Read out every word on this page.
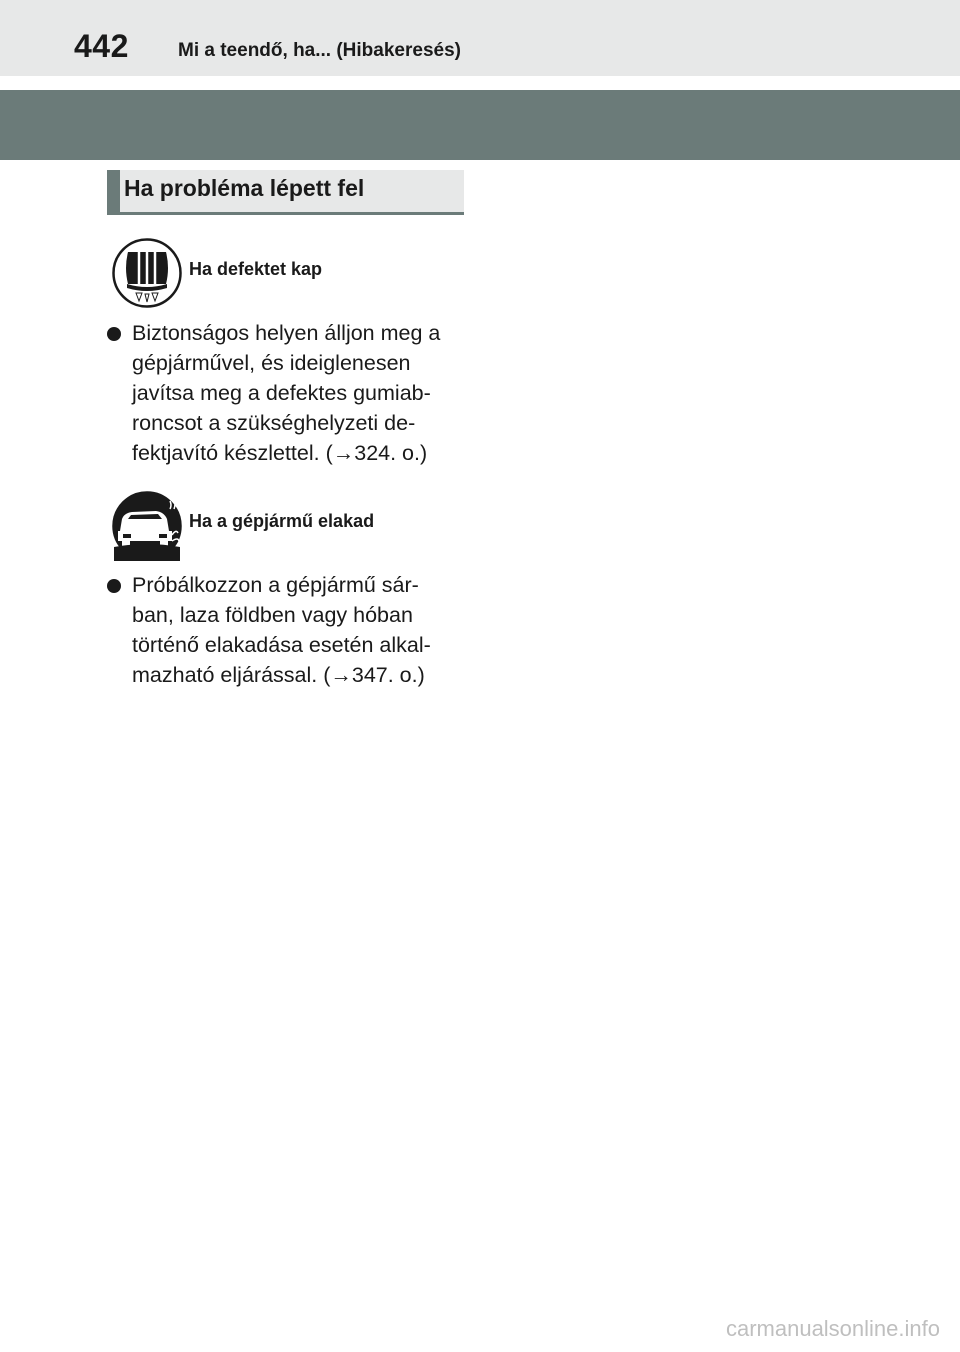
442	Mi a teendő, ha... (Hibakeresés)
Ha probléma lépett fel
Ha defektet kap
Biztonságos helyen álljon meg a
gépjárművel, és ideiglenesen
javítsa meg a defektes gumiab-
roncsot a szükséghelyzeti de-
fektjavító készlettel. (→324. o.)
Ha a gépjármű elakad
Próbálkozzon a gépjármű sár-
ban, laza földben vagy hóban
történő elakadása esetén alkal-
mazható eljárással. (→347. o.)
carmanualsonline.info
